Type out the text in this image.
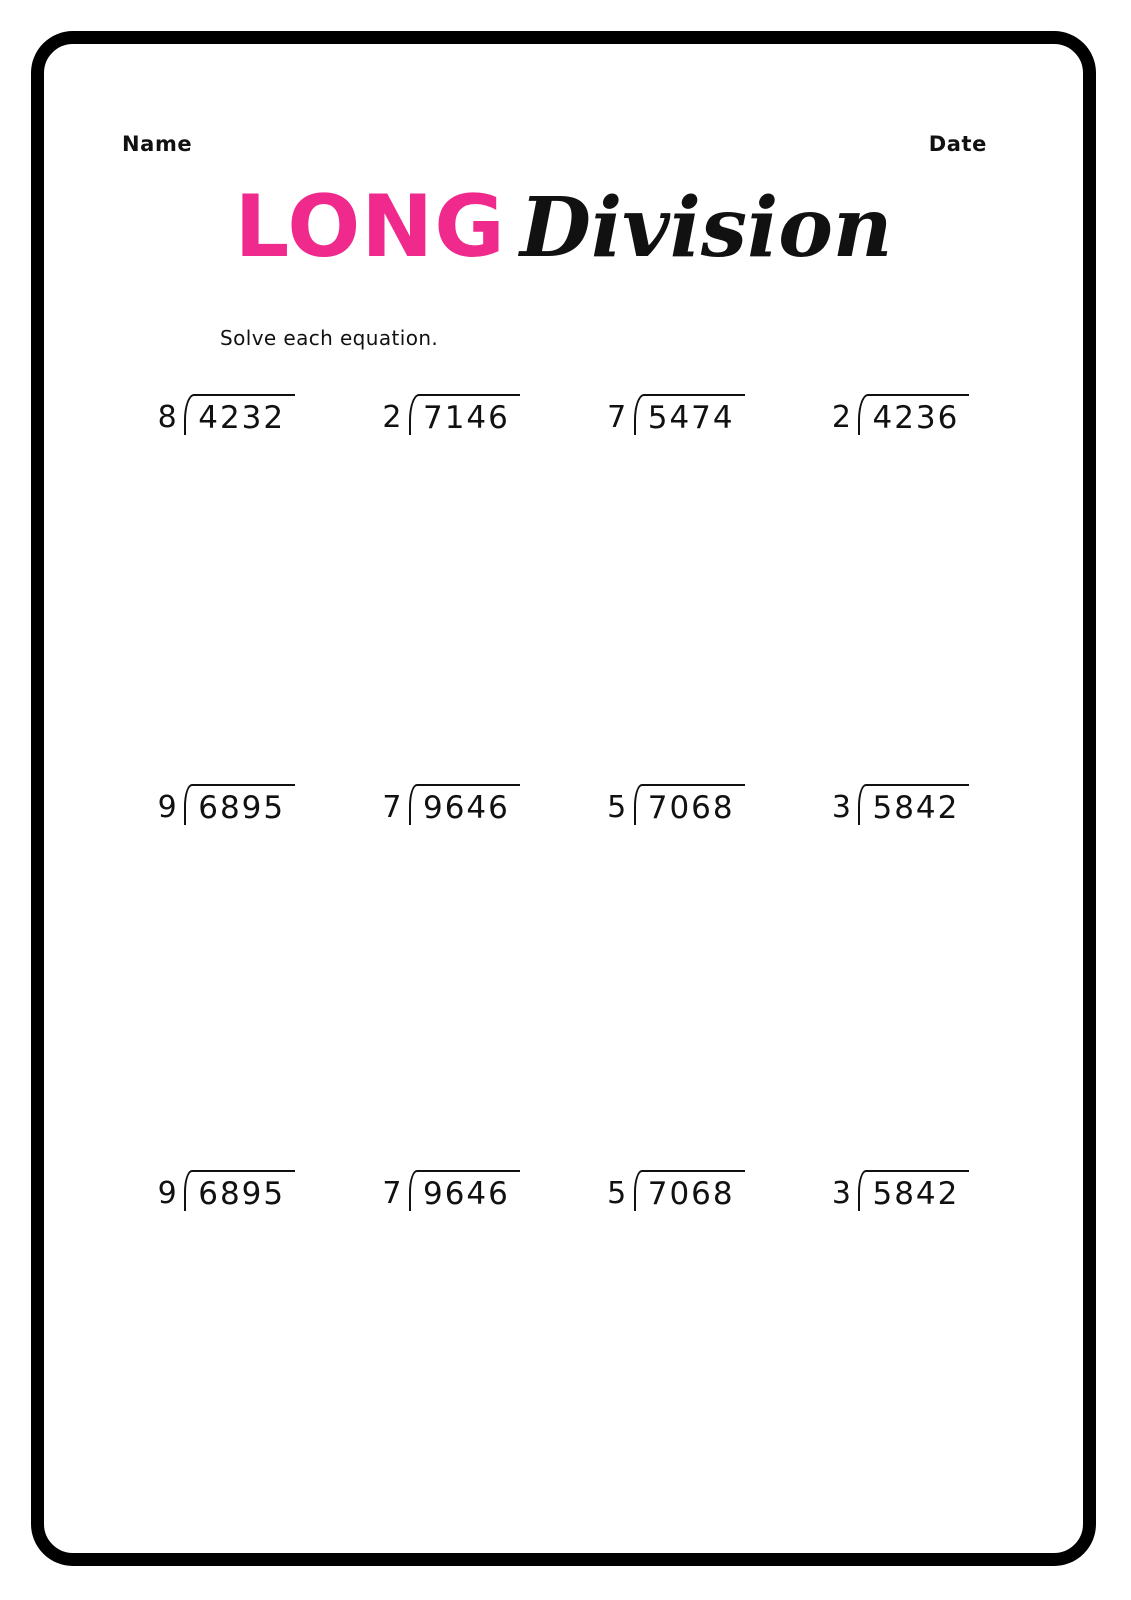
Name	Date
LONG Division
Solve each equation.
8 4232	2 7146	7 5474	2 4236
9 6895	7 9646	5 7068	3 5842
9 6895	7 9646	5 7068	3 5842
